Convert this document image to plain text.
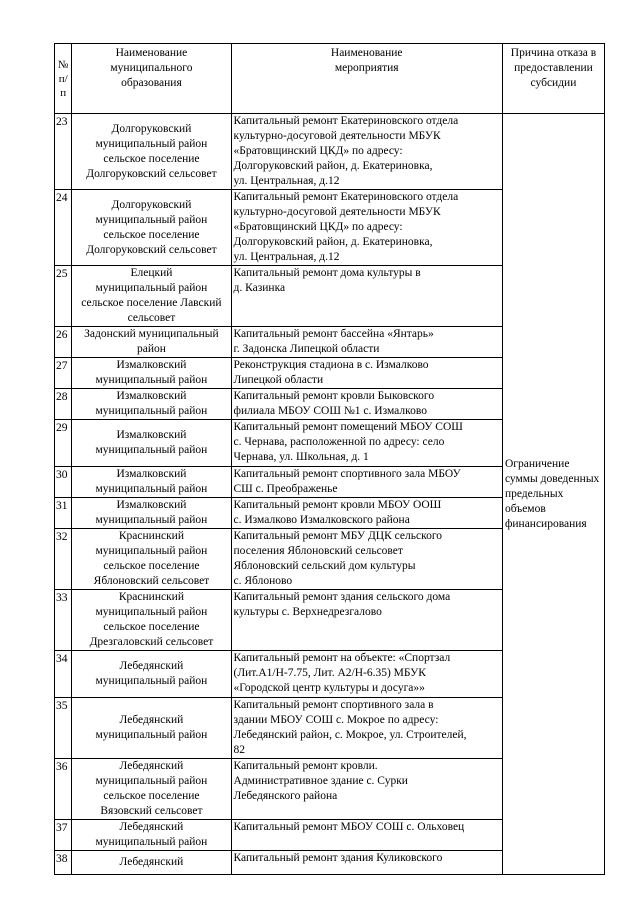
№ п/п	Наименование муниципального образования	Наименование мероприятия	Причина отказа в предоставлении субсидии
23	Долгоруковский
муниципальный район
сельское поселение
Долгоруковский сельсовет	Капитальный ремонт Екатериновского отдела
культурно-досуговой деятельности МБУК
«Братовщинский ЦКД» по адресу:
Долгоруковский район, д. Екатериновка,
ул. Центральная, д.12	Ограничение суммы доведенных предельных объемов финансирования
24	Долгоруковский
муниципальный район
сельское поселение
Долгоруковский сельсовет	Капитальный ремонт Екатериновского отдела
культурно-досуговой деятельности МБУК
«Братовщинский ЦКД» по адресу:
Долгоруковский район, д. Екатериновка,
ул. Центральная, д.12	

25	Елецкий
муниципальный район
сельское поселение Лавский
сельсовет	Капитальный ремонт дома культуры в
д. Казинка	

26	Задонский муниципальный
район	Капитальный ремонт бассейна «Янтарь»
г. Задонска Липецкой области	

27	Измалковский
муниципальный район	Реконструкция стадиона в с. Измалково
Липецкой области	

28	Измалковский
муниципальный район	Капитальный ремонт кровли Быковского
филиала МБОУ СОШ №1 с. Измалково	

29	Измалковский
муниципальный район	Капитальный ремонт помещений МБОУ СОШ
с. Чернава, расположенной по адресу: село
Чернава, ул. Школьная, д. 1	

30	Измалковский
муниципальный район	Капитальный ремонт спортивного зала МБОУ
СШ с. Преображенье	

31	Измалковский
муниципальный район	Капитальный ремонт кровли МБОУ ООШ
с. Измалково Измалковского района	

32	Краснинский
муниципальный район
сельское поселение
Яблоновский сельсовет	Капитальный ремонт МБУ ДЦК сельского
поселения Яблоновский сельсовет
Яблоновский сельский дом культуры
с. Яблоново	

33	Краснинский
муниципальный район
сельское поселение
Дрезгаловский сельсовет	Капитальный ремонт здания сельского дома
культуры с. Верхнедрезгалово	

34	Лебедянский
муниципальный район	Капитальный ремонт на объекте: «Спортзал
(Лит.А1/Н-7.75, Лит. А2/Н-6.35) МБУК
«Городской центр культуры и досуга»»	

35	Лебедянский
муниципальный район	Капитальный ремонт спортивного зала в
здании МБОУ СОШ с. Мокрое по адресу:
Лебедянский район, с. Мокрое, ул. Строителей,
82	

36	Лебедянский
муниципальный район
сельское поселение
Вязовский сельсовет	Капитальный ремонт кровли.
Административное здание с. Сурки
Лебедянского района	

37	Лебедянский
муниципальный район	Капитальный ремонт МБОУ СОШ с. Ольховец	

38	Лебедянский	Капитальный ремонт здания Куликовского	
